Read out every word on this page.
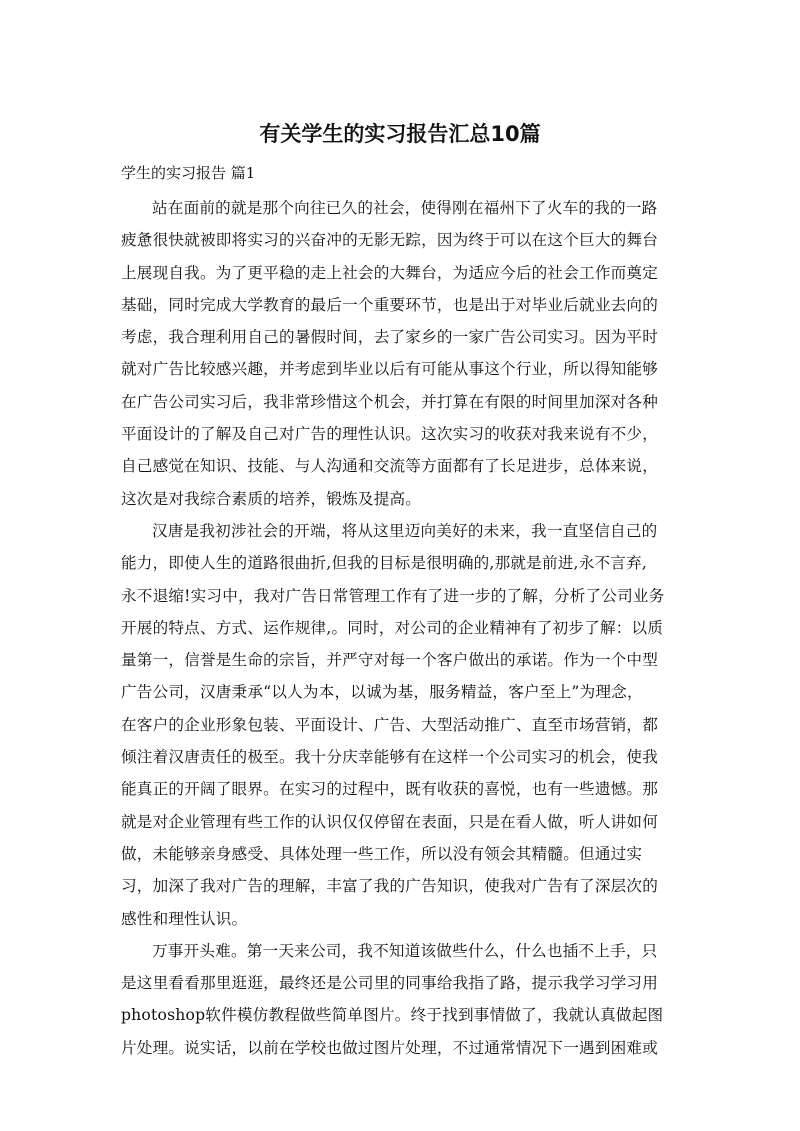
有关学生的实习报告汇总10篇

学生的实习报告 篇1

站在面前的就是那个向往已久的社会，使得刚在福州下了火车的我的一路
疲惫很快就被即将实习的兴奋冲的无影无踪，因为终于可以在这个巨大的舞台
上展现自我。为了更平稳的走上社会的大舞台，为适应今后的社会工作而奠定
基础，同时完成大学教育的最后一个重要环节，也是出于对毕业后就业去向的
考虑，我合理利用自己的暑假时间，去了家乡的一家广告公司实习。因为平时
就对广告比较感兴趣，并考虑到毕业以后有可能从事这个行业，所以得知能够
在广告公司实习后，我非常珍惜这个机会，并打算在有限的时间里加深对各种
平面设计的了解及自己对广告的理性认识。这次实习的收获对我来说有不少，
自己感觉在知识、技能、与人沟通和交流等方面都有了长足进步，总体来说，
这次是对我综合素质的培养，锻炼及提高。

汉唐是我初涉社会的开端，将从这里迈向美好的未来，我一直坚信自己的
能力，即使人生的道路很曲折,但我的目标是很明确的,那就是前进,永不言弃,
永不退缩!实习中，我对广告日常管理工作有了进一步的了解，分析了公司业务
开展的特点、方式、运作规律,。同时，对公司的企业精神有了初步了解：以质
量第一，信誉是生命的宗旨，并严守对每一个客户做出的承诺。作为一个中型
广告公司，汉唐秉承“以人为本，以诚为基，服务精益，客户至上”为理念，
在客户的企业形象包装、平面设计、广告、大型活动推广、直至市场营销，都
倾注着汉唐责任的极至。我十分庆幸能够有在这样一个公司实习的机会，使我
能真正的开阔了眼界。在实习的过程中，既有收获的喜悦，也有一些遗憾。那
就是对企业管理有些工作的认识仅仅停留在表面，只是在看人做，听人讲如何
做，未能够亲身感受、具体处理一些工作，所以没有领会其精髓。但通过实
习，加深了我对广告的理解，丰富了我的广告知识，使我对广告有了深层次的
感性和理性认识。

万事开头难。第一天来公司，我不知道该做些什么，什么也插不上手，只
是这里看看那里逛逛，最终还是公司里的同事给我指了路，提示我学习学习用
photoshop软件模仿教程做些简单图片。终于找到事情做了，我就认真做起图
片处理。说实话，以前在学校也做过图片处理，不过通常情况下一遇到困难或
